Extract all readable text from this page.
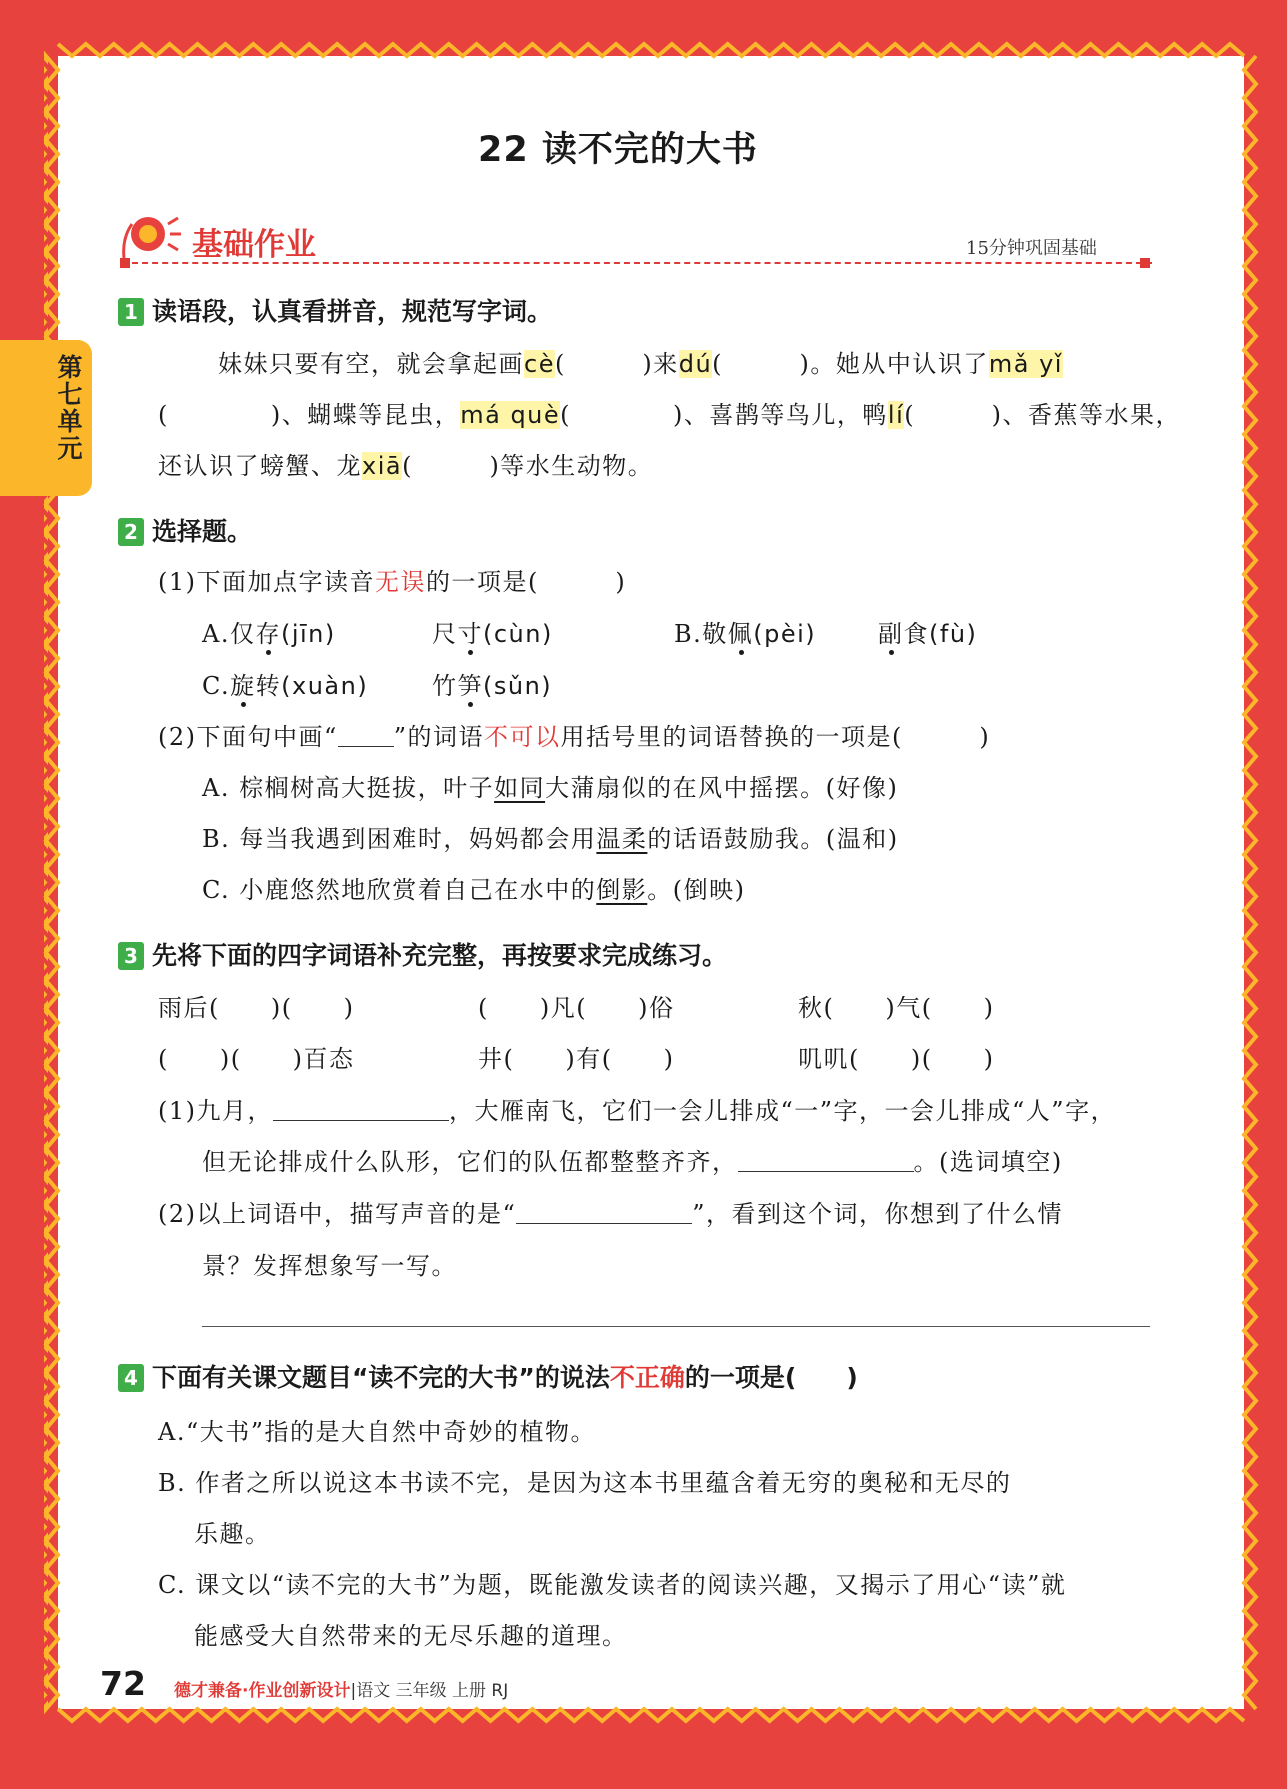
第七单元
22 读不完的大书
基础作业	15分钟巩固基础
1 读语段，认真看拼音，规范写字词。
妹妹只要有空，就会拿起画cè(　　　)来dú(　　　)。她从中认识了mǎ yǐ
(　　　　)、蝴蝶等昆虫，má què(　　　　)、喜鹊等鸟儿，鸭lí(　　　)、香蕉等水果，
还认识了螃蟹、龙xiā(　　　)等水生动物。
2 选择题。
(1)下面加点字读音无误的一项是(　　　)
A.仅存(jīn)	尺寸(cùn)	B.敬佩(pèi)	副食(fù)
C.旋转(xuàn)	竹笋(sǔn)
(2)下面句中画“ ”的词语不可以用括号里的词语替换的一项是(　　　)
A. 棕榈树高大挺拔，叶子如同大蒲扇似的在风中摇摆。(好像)
B. 每当我遇到困难时，妈妈都会用温柔的话语鼓励我。(温和)
C. 小鹿悠然地欣赏着自己在水中的倒影。(倒映)
3 先将下面的四字词语补充完整，再按要求完成练习。
雨后(　　)(　　)	(　　)凡(　　)俗	秋(　　)气(　　)
(　　)(　　)百态	井(　　)有(　　)	叽叽(　　)(　　)
(1)九月，	，大雁南飞，它们一会儿排成“一”字，一会儿排成“人”字，
但无论排成什么队形，它们的队伍都整整齐齐，	。(选词填空)
(2)以上词语中，描写声音的是“	”，看到这个词，你想到了什么情
景？发挥想象写一写。
4 下面有关课文题目“读不完的大书”的说法不正确的一项是(　　)
A.“大书”指的是大自然中奇妙的植物。
B. 作者之所以说这本书读不完，是因为这本书里蕴含着无穷的奥秘和无尽的
乐趣。
C. 课文以“读不完的大书”为题，既能激发读者的阅读兴趣，又揭示了用心“读”就
能感受大自然带来的无尽乐趣的道理。
72 德才兼备·作业创新设计|语文 三年级 上册 RJ
